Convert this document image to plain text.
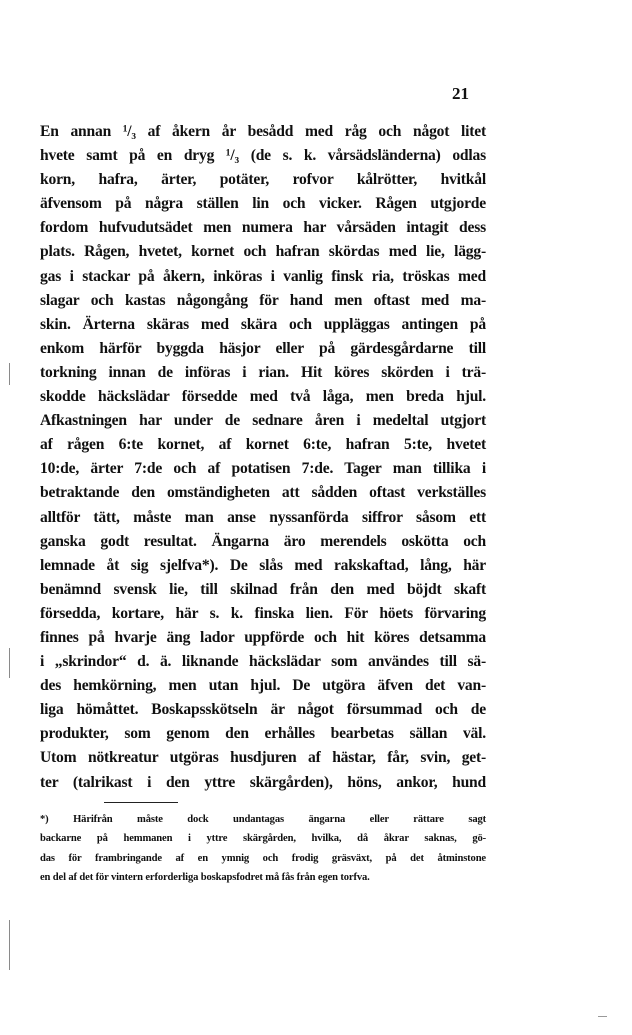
21
En annan ¹/₃ af åkern år besådd med råg och något litet
hvete samt på en dryg ¹/₃ (de s. k. vårsädsländerna) odlas
korn, hafra, ärter, potäter, rofvor kålrötter, hvitkål
äfvensom på några ställen lin och vicker. Rågen utgjorde
fordom hufvudutsädet men numera har vårsäden intagit dess
plats. Rågen, hvetet, kornet och hafran skördas med lie, lägg-
gas i stackar på åkern, inköras i vanlig finsk ria, tröskas med
slagar och kastas någongång för hand men oftast med ma-
skin. Ärterna skäras med skära och uppläggas antingen på
enkom härför byggda häsjor eller på gärdesgårdarne till
torkning innan de införas i rian. Hit köres skörden i trä-
skodde häckslädar försedde med två låga, men breda hjul.
Afkastningen har under de sednare åren i medeltal utgjort
af rågen 6:te kornet, af kornet 6:te, hafran 5:te, hvetet
10:de, ärter 7:de och af potatisen 7:de. Tager man tillika i
betraktande den omständigheten att sådden oftast verkställes
alltför tätt, måste man anse nyssanförda siffror såsom ett
ganska godt resultat. Ängarna äro merendels oskötta och
lemnade åt sig sjelfva*). De slås med rakskaftad, lång, här
benämnd svensk lie, till skilnad från den med böjdt skaft
försedda, kortare, här s. k. finska lien. För höets förvaring
finnes på hvarje äng lador uppförde och hit köres detsamma
i „skrindor“ d. ä. liknande häckslädar som användes till sä-
des hemkörning, men utan hjul. De utgöra äfven det van-
liga hömåttet. Boskapsskötseln är något försummad och de
produkter, som genom den erhålles bearbetas sällan väl.
Utom nötkreatur utgöras husdjuren af hästar, får, svin, get-
ter (talrikast i den yttre skärgården), höns, ankor, hund
*) Härifrån måste dock undantagas ängarna eller rättare sagt
backarne på hemmanen i yttre skärgården, hvilka, då åkrar saknas, gö-
das för frambringande af en ymnig och frodig gräsväxt, på det åtminstone
en del af det för vintern erforderliga boskapsfodret må fås från egen torfva.
